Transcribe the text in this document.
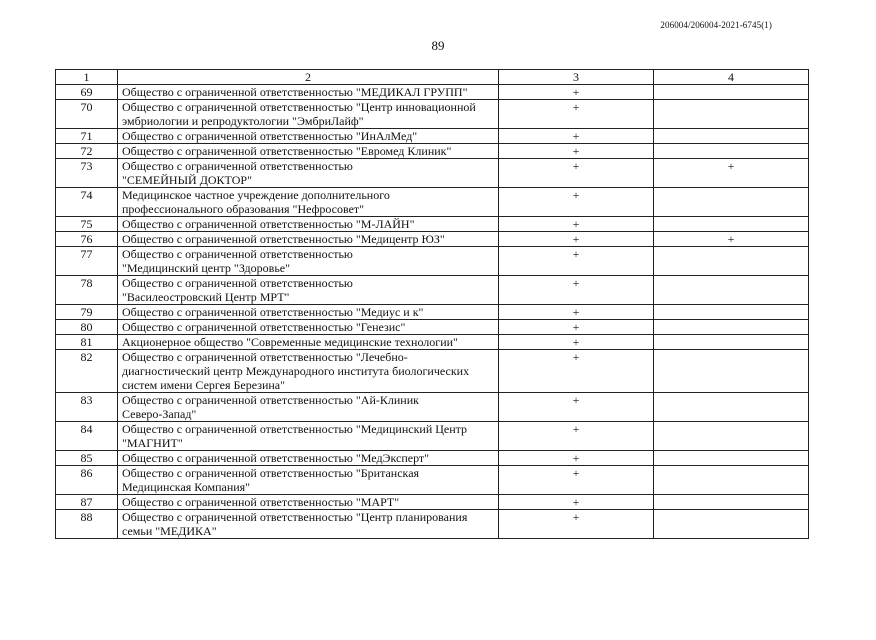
206004/206004-2021-6745(1)
89
1	2	3	4
69	Общество с ограниченной ответственностью "МЕДИКАЛ ГРУПП"	+	
70	Общество с ограниченной ответственностью "Центр инновационной
эмбриологии и репродуктологии "ЭмбриЛайф"	+	
71	Общество с ограниченной ответственностью "ИнАлМед"	+	
72	Общество с ограниченной ответственностью "Евромед Клиник"	+	
73	Общество с ограниченной ответственностью
"СЕМЕЙНЫЙ ДОКТОР"	+	+
74	Медицинское частное учреждение дополнительного
профессионального образования "Нефросовет"	+	
75	Общество с ограниченной ответственностью "М-ЛАЙН"	+	
76	Общество с ограниченной ответственностью "Медицентр ЮЗ"	+	+
77	Общество с ограниченной ответственностью
"Медицинский центр "Здоровье"	+	
78	Общество с ограниченной ответственностью
"Василеостровский Центр МРТ"	+	
79	Общество с ограниченной ответственностью "Медиус и к"	+	
80	Общество с ограниченной ответственностью "Генезис"	+	
81	Акционерное общество "Современные медицинские технологии"	+	
82	Общество с ограниченной ответственностью "Лечебно-
диагностический центр Международного института биологических
систем имени Сергея Березина"	+	
83	Общество с ограниченной ответственностью "Ай-Клиник
Северо-Запад"	+	
84	Общество с ограниченной ответственностью "Медицинский Центр
"МАГНИТ"	+	
85	Общество с ограниченной ответственностью "МедЭксперт"	+	
86	Общество с ограниченной ответственностью "Британская
Медицинская Компания"	+	
87	Общество с ограниченной ответственностью "МАРТ"	+	
88	Общество с ограниченной ответственностью "Центр планирования
семьи "МЕДИКА"	+	
